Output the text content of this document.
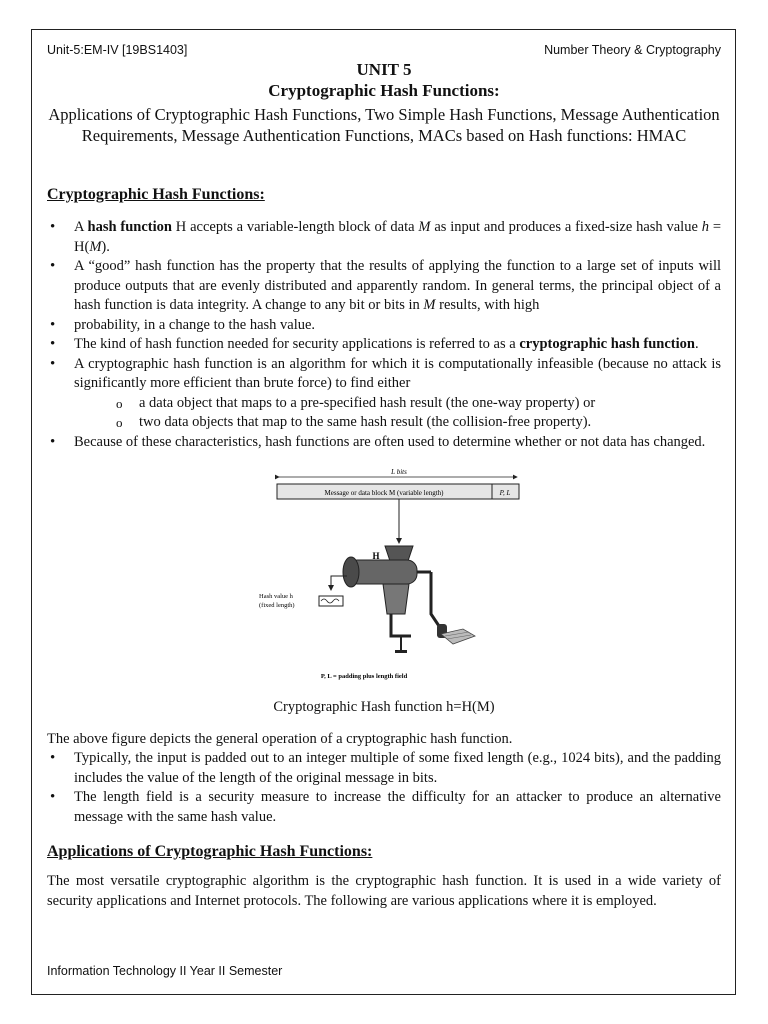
Unit-5:EM-IV [19BS1403]	Number Theory & Cryptography
UNIT 5
Cryptographic Hash Functions:
Applications of Cryptographic Hash Functions, Two Simple Hash Functions, Message Authentication Requirements, Message Authentication Functions, MACs based on Hash functions: HMAC
Cryptographic Hash Functions:
• A hash function H accepts a variable-length block of data M as input and produces a fixed-size hash value h = H(M).
• A “good” hash function has the property that the results of applying the function to a large set of inputs will produce outputs that are evenly distributed and apparently random. In general terms, the principal object of a hash function is data integrity. A change to any bit or bits in M results, with high
• probability, in a change to the hash value.
• The kind of hash function needed for security applications is referred to as a cryptographic hash function.
• A cryptographic hash function is an algorithm for which it is computationally infeasible (because no attack is significantly more efficient than brute force) to find either
o a data object that maps to a pre-specified hash result (the one-way property) or
o two data objects that map to the same hash result (the collision-free property).
• Because of these characteristics, hash functions are often used to determine whether or not data has changed.
L bits
Message or data block M (variable length)	P, L
H
Hash value h
(fixed length)
P, L = padding plus length field
Cryptographic Hash function h=H(M)

The above figure depicts the general operation of a cryptographic hash function.

• Typically, the input is padded out to an integer multiple of some fixed length (e.g., 1024 bits), and the padding includes the value of the length of the original message in bits.
• The length field is a security measure to increase the difficulty for an attacker to produce an alternative message with the same hash value.
Applications of Cryptographic Hash Functions:

The most versatile cryptographic algorithm is the cryptographic hash function. It is used in a wide variety of security applications and Internet protocols. The following are various applications where it is employed.

Information Technology II Year II Semester
